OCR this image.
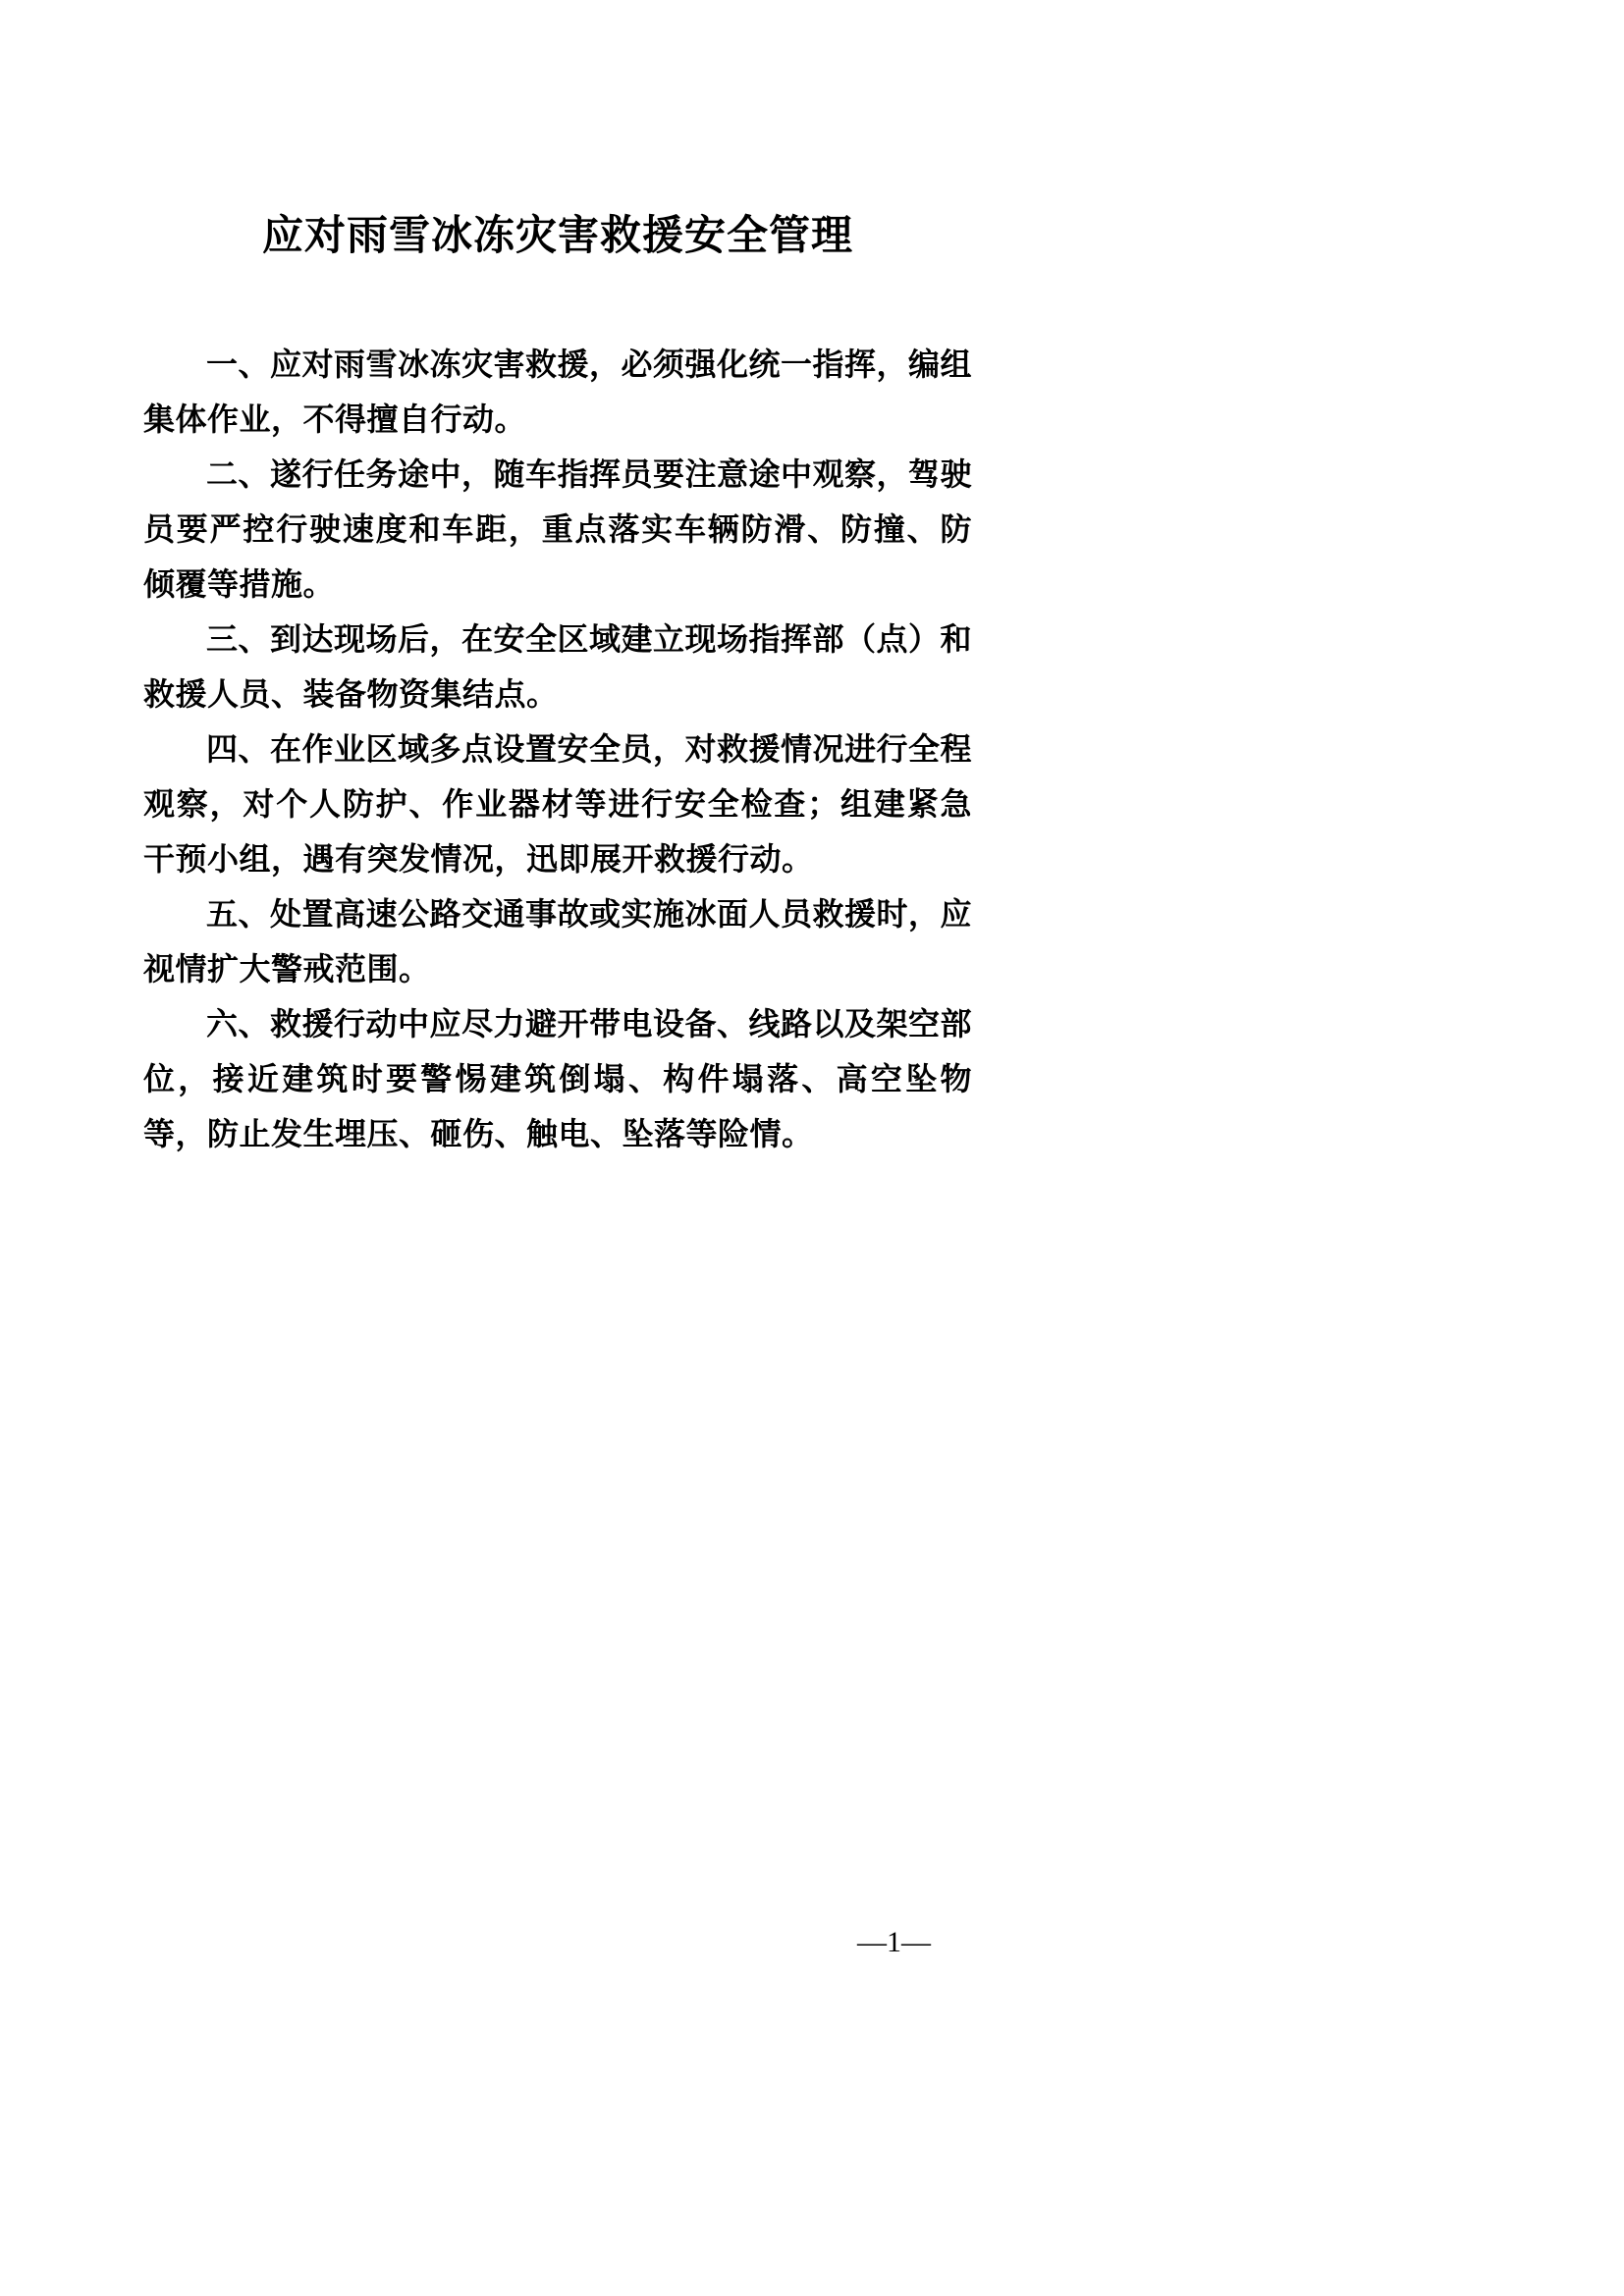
应对雨雪冰冻灾害救援安全管理

一、应对雨雪冰冻灾害救援，必须强化统一指挥，编组集体作业，不得擅自行动。

二、遂行任务途中，随车指挥员要注意途中观察，驾驶员要严控行驶速度和车距，重点落实车辆防滑、防撞、防倾覆等措施。

三、到达现场后，在安全区域建立现场指挥部（点）和救援人员、装备物资集结点。

四、在作业区域多点设置安全员，对救援情况进行全程观察，对个人防护、作业器材等进行安全检查；组建紧急干预小组，遇有突发情况，迅即展开救援行动。

五、处置高速公路交通事故或实施冰面人员救援时，应视情扩大警戒范围。

六、救援行动中应尽力避开带电设备、线路以及架空部位，接近建筑时要警惕建筑倒塌、构件塌落、高空坠物等，防止发生埋压、砸伤、触电、坠落等险情。

—1—
